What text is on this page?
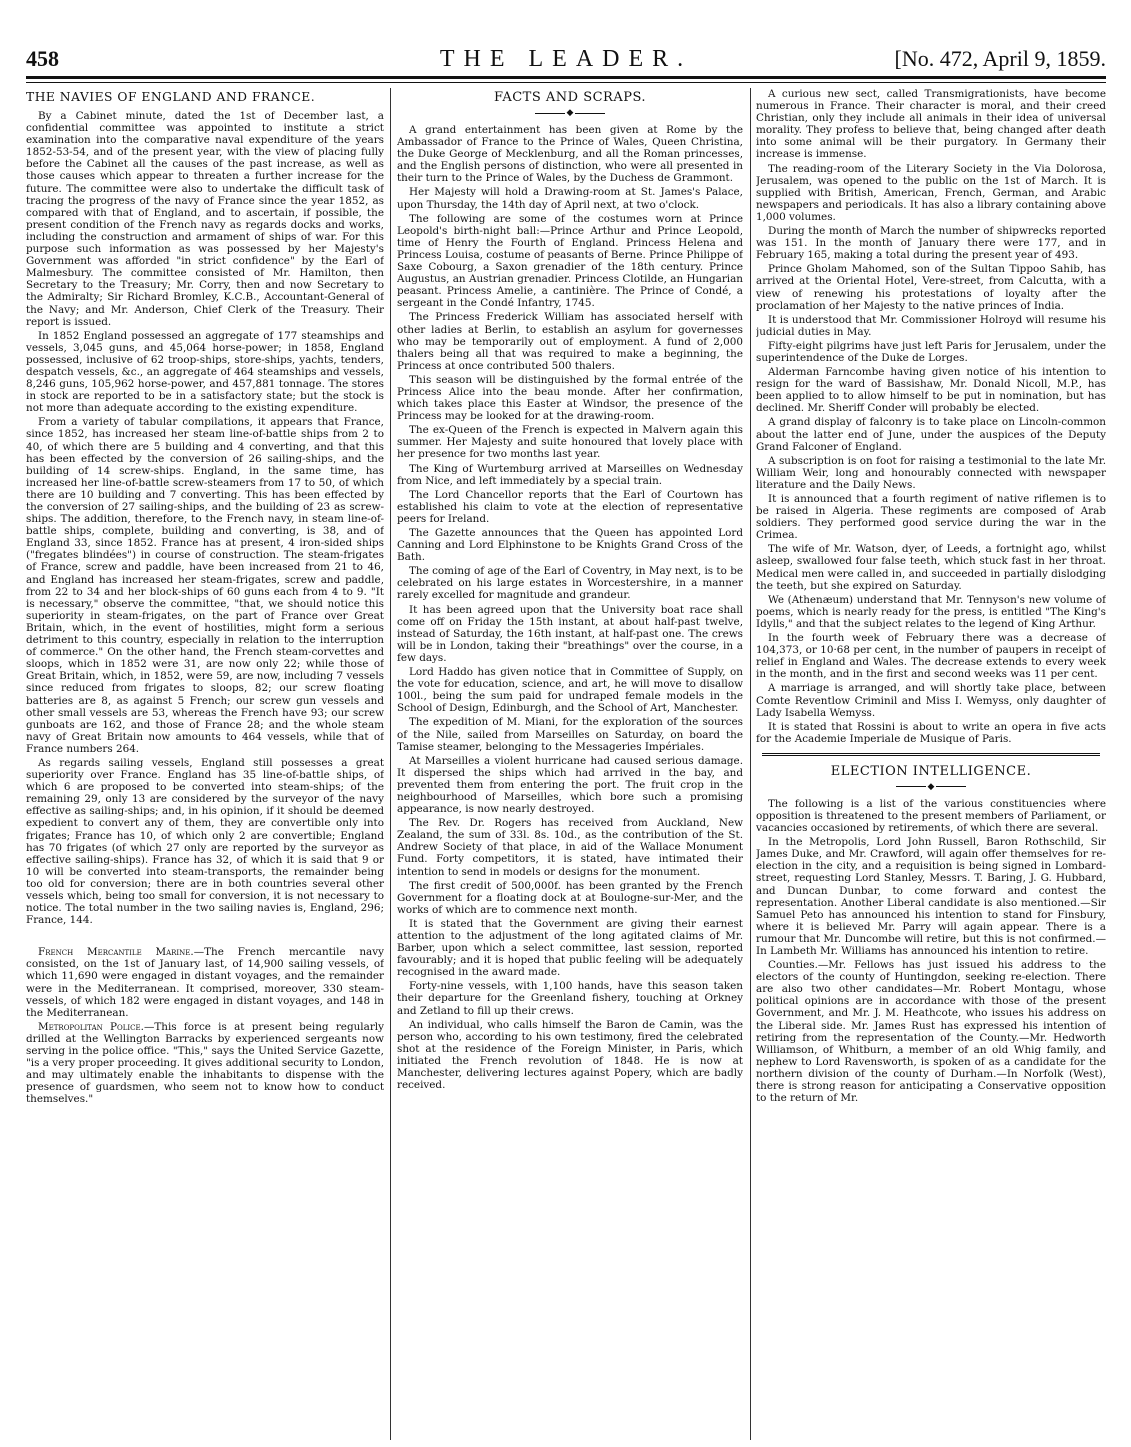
THE LEADER.
458	[No. 472, April 9, 1859.
THE NAVIES OF ENGLAND AND FRANCE.

By a Cabinet minute, dated the 1st of December last, a confidential committee was appointed to institute a strict examination into the comparative naval expenditure of the years 1852-53-54, and of the present year, with the view of placing fully before the Cabinet all the causes of the past increase, as well as those causes which appear to threaten a further increase for the future. The committee were also to undertake the difficult task of tracing the progress of the navy of France since the year 1852, as compared with that of England, and to ascertain, if possible, the present condition of the French navy as regards docks and works, including the construction and armament of ships of war. For this purpose such information as was possessed by her Majesty's Government was afforded "in strict confidence" by the Earl of Malmesbury. The committee consisted of Mr. Hamilton, then Secretary to the Treasury; Mr. Corry, then and now Secretary to the Admiralty; Sir Richard Bromley, K.C.B., Accountant-General of the Navy; and Mr. Anderson, Chief Clerk of the Treasury. Their report is issued.

In 1852 England possessed an aggregate of 177 steamships and vessels, 3,045 guns, and 45,064 horse-power; in 1858, England possessed, inclusive of 62 troop-ships, store-ships, yachts, tenders, despatch vessels, &c., an aggregate of 464 steamships and vessels, 8,246 guns, 105,962 horse-power, and 457,881 tonnage. The stores in stock are reported to be in a satisfactory state; but the stock is not more than adequate according to the existing expenditure.

From a variety of tabular compilations, it appears that France, since 1852, has increased her steam line-of-battle ships from 2 to 40, of which there are 5 building and 4 converting, and that this has been effected by the conversion of 26 sailing-ships, and the building of 14 screw-ships. England, in the same time, has increased her line-of-battle screw-steamers from 17 to 50, of which there are 10 building and 7 converting. This has been effected by the conversion of 27 sailing-ships, and the building of 23 as screw-ships. The addition, therefore, to the French navy, in steam line-of-battle ships, complete, building and converting, is 38, and of England 33, since 1852. France has at present, 4 iron-sided ships ("fregates blindées") in course of construction. The steam-frigates of France, screw and paddle, have been increased from 21 to 46, and England has increased her steam-frigates, screw and paddle, from 22 to 34 and her block-ships of 60 guns each from 4 to 9. "It is necessary," observe the committee, "that, we should notice this superiority in steam-frigates, on the part of France over Great Britain, which, in the event of hostilities, might form a serious detriment to this country, especially in relation to the interruption of commerce." On the other hand, the French steam-corvettes and sloops, which in 1852 were 31, are now only 22; while those of Great Britain, which, in 1852, were 59, are now, including 7 vessels since reduced from frigates to sloops, 82; our screw floating batteries are 8, as against 5 French; our screw gun vessels and other small vessels are 53, whereas the French have 93; our screw gunboats are 162, and those of France 28; and the whole steam navy of Great Britain now amounts to 464 vessels, while that of France numbers 264.

As regards sailing vessels, England still possesses a great superiority over France. England has 35 line-of-battle ships, of which 6 are proposed to be converted into steam-ships; of the remaining 29, only 13 are considered by the surveyor of the navy effective as sailing-ships; and, in his opinion, if it should be deemed expedient to convert any of them, they are convertible only into frigates; France has 10, of which only 2 are convertible; England has 70 frigates (of which 27 only are reported by the surveyor as effective sailing-ships). France has 32, of which it is said that 9 or 10 will be converted into steam-transports, the remainder being too old for conversion; there are in both countries several other vessels which, being too small for conversion, it is not necessary to notice. The total number in the two sailing navies is, England, 296; France, 144.

French Mercantile Marine.—The French mercantile navy consisted, on the 1st of January last, of 14,900 sailing vessels, of which 11,690 were engaged in distant voyages, and the remainder were in the Mediterranean. It comprised, moreover, 330 steam-vessels, of which 182 were engaged in distant voyages, and 148 in the Mediterranean.

Metropolitan Police.—This force is at present being regularly drilled at the Wellington Barracks by experienced sergeants now serving in the police office. "This," says the United Service Gazette, "is a very proper proceeding. It gives additional security to London, and may ultimately enable the inhabitants to dispense with the presence of guardsmen, who seem not to know how to conduct themselves."

FACTS AND SCRAPS.
◆

A grand entertainment has been given at Rome by the Ambassador of France to the Prince of Wales, Queen Christina, the Duke George of Mecklenburg, and all the Roman princesses, and the English persons of distinction, who were all presented in their turn to the Prince of Wales, by the Duchess de Grammont.

Her Majesty will hold a Drawing-room at St. James's Palace, upon Thursday, the 14th day of April next, at two o'clock.

The following are some of the costumes worn at Prince Leopold's birth-night ball:—Prince Arthur and Prince Leopold, time of Henry the Fourth of England. Princess Helena and Princess Louisa, costume of peasants of Berne. Prince Philippe of Saxe Cobourg, a Saxon grenadier of the 18th century. Prince Augustus, an Austrian grenadier. Princess Clotilde, an Hungarian peasant. Princess Amelie, a cantinière. The Prince of Condé, a sergeant in the Condé Infantry, 1745.

The Princess Frederick William has associated herself with other ladies at Berlin, to establish an asylum for governesses who may be temporarily out of employment. A fund of 2,000 thalers being all that was required to make a beginning, the Princess at once contributed 500 thalers.

This season will be distinguished by the formal entrée of the Princess Alice into the beau monde. After her confirmation, which takes place this Easter at Windsor, the presence of the Princess may be looked for at the drawing-room.

The ex-Queen of the French is expected in Malvern again this summer. Her Majesty and suite honoured that lovely place with her presence for two months last year.

The King of Wurtemburg arrived at Marseilles on Wednesday from Nice, and left immediately by a special train.

The Lord Chancellor reports that the Earl of Courtown has established his claim to vote at the election of representative peers for Ireland.

The Gazette announces that the Queen has appointed Lord Canning and Lord Elphinstone to be Knights Grand Cross of the Bath.

The coming of age of the Earl of Coventry, in May next, is to be celebrated on his large estates in Worcestershire, in a manner rarely excelled for magnitude and grandeur.

It has been agreed upon that the University boat race shall come off on Friday the 15th instant, at about half-past twelve, instead of Saturday, the 16th instant, at half-past one. The crews will be in London, taking their "breathings" over the course, in a few days.

Lord Haddo has given notice that in Committee of Supply, on the vote for education, science, and art, he will move to disallow 100l., being the sum paid for undraped female models in the School of Design, Edinburgh, and the School of Art, Manchester.

The expedition of M. Miani, for the exploration of the sources of the Nile, sailed from Marseilles on Saturday, on board the Tamise steamer, belonging to the Messageries Impériales.

At Marseilles a violent hurricane had caused serious damage. It dispersed the ships which had arrived in the bay, and prevented them from entering the port. The fruit crop in the neighbourhood of Marseilles, which bore such a promising appearance, is now nearly destroyed.

The Rev. Dr. Rogers has received from Auckland, New Zealand, the sum of 33l. 8s. 10d., as the contribution of the St. Andrew Society of that place, in aid of the Wallace Monument Fund. Forty competitors, it is stated, have intimated their intention to send in models or designs for the monument.

The first credit of 500,000f. has been granted by the French Government for a floating dock at at Boulogne-sur-Mer, and the works of which are to commence next month.

It is stated that the Government are giving their earnest attention to the adjustment of the long agitated claims of Mr. Barber, upon which a select committee, last session, reported favourably; and it is hoped that public feeling will be adequately recognised in the award made.

Forty-nine vessels, with 1,100 hands, have this season taken their departure for the Greenland fishery, touching at Orkney and Zetland to fill up their crews.

An individual, who calls himself the Baron de Camin, was the person who, according to his own testimony, fired the celebrated shot at the residence of the Foreign Minister, in Paris, which initiated the French revolution of 1848. He is now at Manchester, delivering lectures against Popery, which are badly received.

A curious new sect, called Transmigrationists, have become numerous in France. Their character is moral, and their creed Christian, only they include all animals in their idea of universal morality. They profess to believe that, being changed after death into some animal will be their purgatory. In Germany their increase is immense.

The reading-room of the Literary Society in the Via Dolorosa, Jerusalem, was opened to the public on the 1st of March. It is supplied with British, American, French, German, and Arabic newspapers and periodicals. It has also a library containing above 1,000 volumes.

During the month of March the number of shipwrecks reported was 151. In the month of January there were 177, and in February 165, making a total during the present year of 493.

Prince Gholam Mahomed, son of the Sultan Tippoo Sahib, has arrived at the Oriental Hotel, Vere-street, from Calcutta, with a view of renewing his protestations of loyalty after the proclamation of her Majesty to the native princes of India.

It is understood that Mr. Commissioner Holroyd will resume his judicial duties in May.

Fifty-eight pilgrims have just left Paris for Jerusalem, under the superintendence of the Duke de Lorges.

Alderman Farncombe having given notice of his intention to resign for the ward of Bassishaw, Mr. Donald Nicoll, M.P., has been applied to to allow himself to be put in nomination, but has declined. Mr. Sheriff Conder will probably be elected.

A grand display of falconry is to take place on Lincoln-common about the latter end of June, under the auspices of the Deputy Grand Falconer of England.

A subscription is on foot for raising a testimonial to the late Mr. William Weir, long and honourably connected with newspaper literature and the Daily News.

It is announced that a fourth regiment of native riflemen is to be raised in Algeria. These regiments are composed of Arab soldiers. They performed good service during the war in the Crimea.

The wife of Mr. Watson, dyer, of Leeds, a fortnight ago, whilst asleep, swallowed four false teeth, which stuck fast in her throat. Medical men were called in, and succeeded in partially dislodging the teeth, but she expired on Saturday.

We (Athenæum) understand that Mr. Tennyson's new volume of poems, which is nearly ready for the press, is entitled "The King's Idylls," and that the subject relates to the legend of King Arthur.

In the fourth week of February there was a decrease of 104,373, or 10·68 per cent, in the number of paupers in receipt of relief in England and Wales. The decrease extends to every week in the month, and in the first and second weeks was 11 per cent.

A marriage is arranged, and will shortly take place, between Comte Reventlow Criminil and Miss I. Wemyss, only daughter of Lady Isabella Wemyss.

It is stated that Rossini is about to write an opera in five acts for the Academie Imperiale de Musique of Paris.

ELECTION INTELLIGENCE.
◆

The following is a list of the various constituencies where opposition is threatened to the present members of Parliament, or vacancies occasioned by retirements, of which there are several.

In the Metropolis, Lord John Russell, Baron Rothschild, Sir James Duke, and Mr. Crawford, will again offer themselves for re-election in the city, and a requisition is being signed in Lombard-street, requesting Lord Stanley, Messrs. T. Baring, J. G. Hubbard, and Duncan Dunbar, to come forward and contest the representation. Another Liberal candidate is also mentioned.—Sir Samuel Peto has announced his intention to stand for Finsbury, where it is believed Mr. Parry will again appear. There is a rumour that Mr. Duncombe will retire, but this is not confirmed.—In Lambeth Mr. Williams has announced his intention to retire.

Counties.—Mr. Fellows has just issued his address to the electors of the county of Huntingdon, seeking re-election. There are also two other candidates—Mr. Robert Montagu, whose political opinions are in accordance with those of the present Government, and Mr. J. M. Heathcote, who issues his address on the Liberal side. Mr. James Rust has expressed his intention of retiring from the representation of the County.—Mr. Hedworth Williamson, of Whitburn, a member of an old Whig family, and nephew to Lord Ravensworth, is spoken of as a candidate for the northern division of the county of Durham.—In Norfolk (West), there is strong reason for anticipating a Conservative opposition to the return of Mr.
